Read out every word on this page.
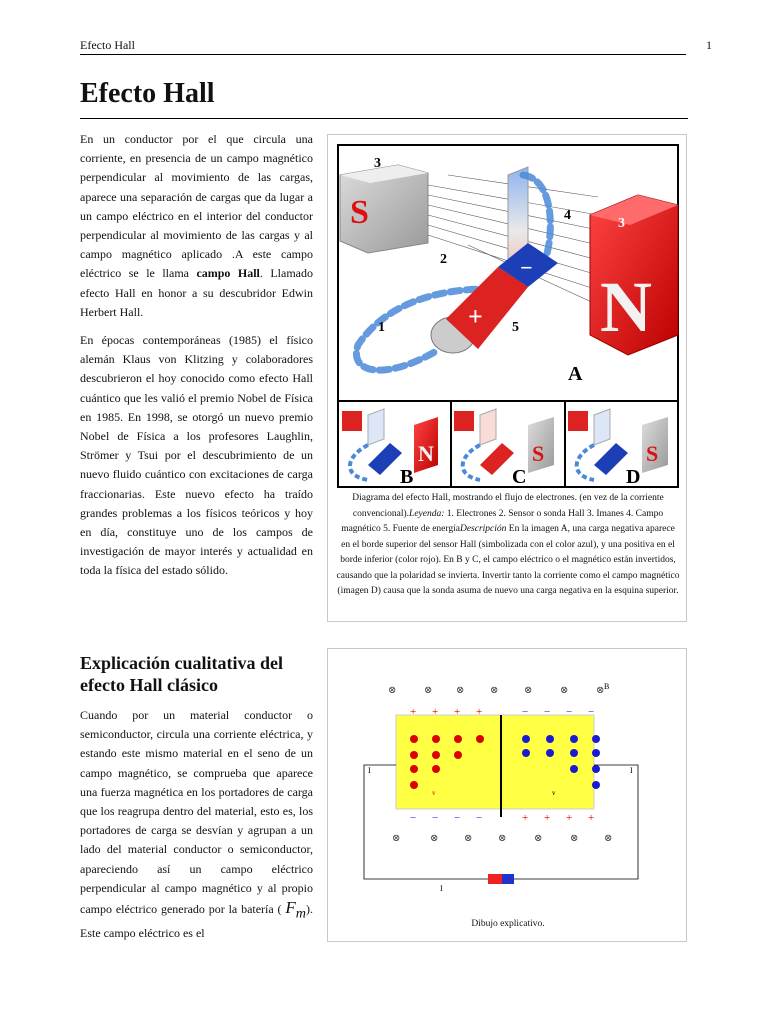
Efecto Hall	1
Efecto Hall

En un conductor por el que circula una corriente, en presencia de un campo magnético perpendicular al movimiento de las cargas, aparece una separación de cargas que da lugar a un campo eléctrico en el interior del conductor perpendicular al movimiento de las cargas y al campo magnético aplicado .A este campo eléctrico se le llama campo Hall. Llamado efecto Hall en honor a su descubridor Edwin Herbert Hall.

En épocas contemporáneas (1985) el físico alemán Klaus von Klitzing y colaboradores descubrieron el hoy conocido como efecto Hall cuántico que les valió el premio Nobel de Física en 1985. En 1998, se otorgó un nuevo premio Nobel de Física a los profesores Laughlin, Strömer y Tsui por el descubrimiento de un nuevo fluido cuántico con excitaciones de carga fraccionarias. Este nuevo efecto ha traído grandes problemas a los físicos teóricos y hoy en día, constituye uno de los campos de investigación de mayor interés y actualidad en toda la física del estado sólido.

S
N
+
−
3
3
4
2
1	5
A
N
B
S
C
S
D
Diagrama del efecto Hall, mostrando el flujo de electrones. (en vez de la corriente convencional).Leyenda: 1. Electrones 2. Sensor o sonda Hall 3. Imanes 4. Campo magnético 5. Fuente de energíaDescripción En la imagen A, una carga negativa aparece en el borde superior del sensor Hall (simbolizada con el color azul), y una positiva en el borde inferior (color rojo). En B y C, el campo eléctrico o el magnético están invertidos, causando que la polaridad se invierta. Invertir tanto la corriente como el campo magnético (imagen D) causa que la sonda asuma de nuevo una carga negativa en la esquina superior.
Explicación cualitativa del efecto Hall clásico

Cuando por un material conductor o semiconductor, circula una corriente eléctrica, y estando este mismo material en el seno de un campo magnético, se comprueba que aparece una fuerza magnética en los portadores de carga que los reagrupa dentro del material, esto es, los portadores de carga se desvían y agrupan a un lado del material conductor o semiconductor, apareciendo así un campo eléctrico perpendicular al campo magnético y al propio campo eléctrico generado por la batería ( $F_m$). Este campo eléctrico es el

⊗	⊗ ⊗	⊗	⊗	⊗	⊗ B
+ + + +	− − − −
− − − −	+ + + +
v	v
I	I
I
⊗	⊗	⊗	⊗	⊗	⊗	⊗
Dibujo explicativo.
